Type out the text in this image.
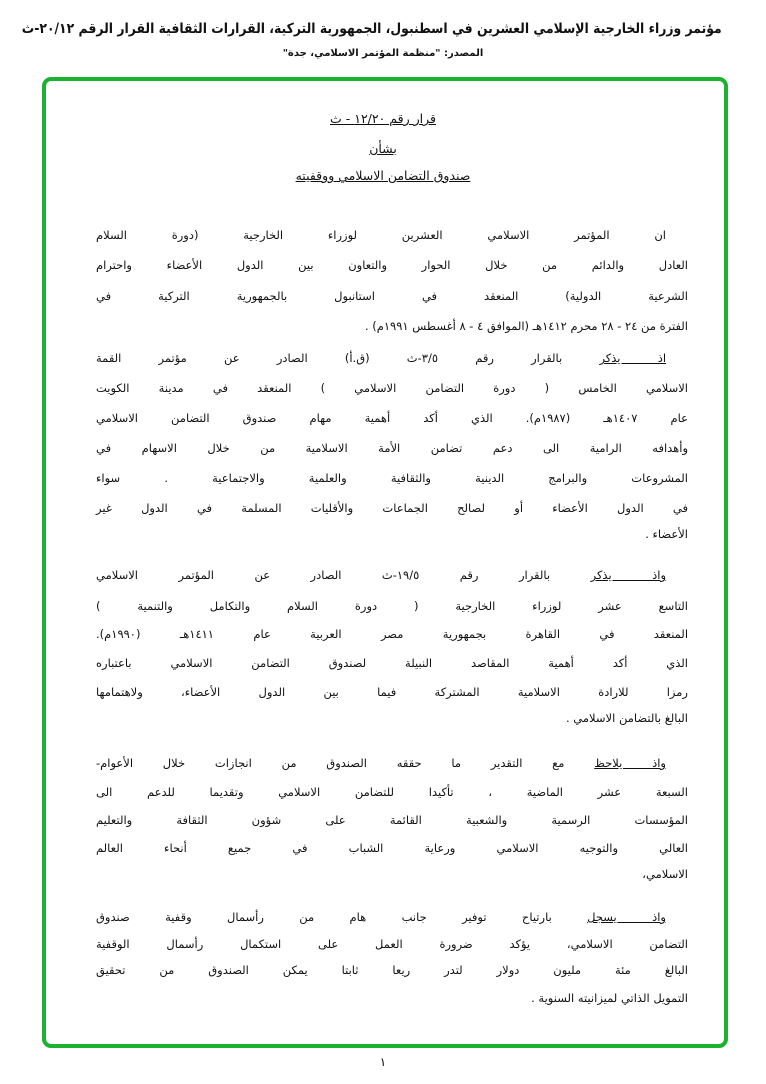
مؤتمر وزراء الخارجية الإسلامي العشرين في اسطنبول، الجمهورية التركية، القرارات الثقافية القرار الرقم ٢٠/١٢-ث
المصدر: "منظمة المؤتمر الاسلامي، جدة"
قرار رقم ١٢/٢٠ - ث
بشأن
صندوق التضامن الاسلامي ووقفيته
ان المؤتمر الاسلامي العشرين لوزراء الخارجية (دورة السلام
العادل والدائم من خلال الحوار والتعاون بين الدول الأعضاء واحترام
الشرعية الدولية) المنعقد في استانبول بالجمهورية التركية في
الفترة من ٢٤ - ٢٨ محرم ١٤١٢هـ (الموافق ٤ - ٨ أغسطس ١٩٩١م) .
اذ يذكر بالقرار رقم ٣/٥-ث (ق.أ) الصادر عن مؤتمر القمة
الاسلامي الخامس ( دورة التضامن الاسلامي ) المنعقد في مدينة الكويت
عام ١٤٠٧هـ (١٩٨٧م). الذي أكد أهمية مهام صندوق التضامن الاسلامي
وأهدافه الرامية الى دعم تضامن الأمة الاسلامية من خلال الاسهام في
المشروعات والبرامج الدينية والثقافية والعلمية والاجتماعية . سواء
في الدول الأعضاء أو لصالح الجماعات والأقليات المسلمة في الدول غير
الأعضاء .
واذ يذكر بالقرار رقم ١٩/٥-ث الصادر عن المؤتمر الاسلامي
التاسع عشر لوزراء الخارجية ( دورة السلام والتكامل والتنمية )
المنعقد في القاهرة بجمهورية مصر العربية عام ١٤١١هـ (١٩٩٠م).
الذي أكد أهمية المقاصد النبيلة لصندوق التضامن الاسلامي باعتباره
رمزا للارادة الاسلامية المشتركة فيما بين الدول الأعضاء، ولاهتمامها
البالغ بالتضامن الاسلامي .
واذ يلاحظ مع التقدير ما حققه الصندوق من انجازات خلال الأعوام-
السبعة عشر الماضية ، تأكيدا للتضامن الاسلامي وتقديما للدعم الى
المؤسسات الرسمية والشعبية القائمة على شؤون الثقافة والتعليم
العالي والتوجيه الاسلامي ورعاية الشباب في جميع أنحاء العالم
الاسلامي،
واذ يسجل بارتياح توفير جانب هام من رأسمال وقفية صندوق
التضامن الاسلامي، يؤكد ضرورة العمل على استكمال رأسمال الوقفية
البالغ مئة مليون دولار لتدر ريعا ثابتا يمكن الصندوق من تحقيق
التمويل الذاتي لميزانيته السنوية .
١
